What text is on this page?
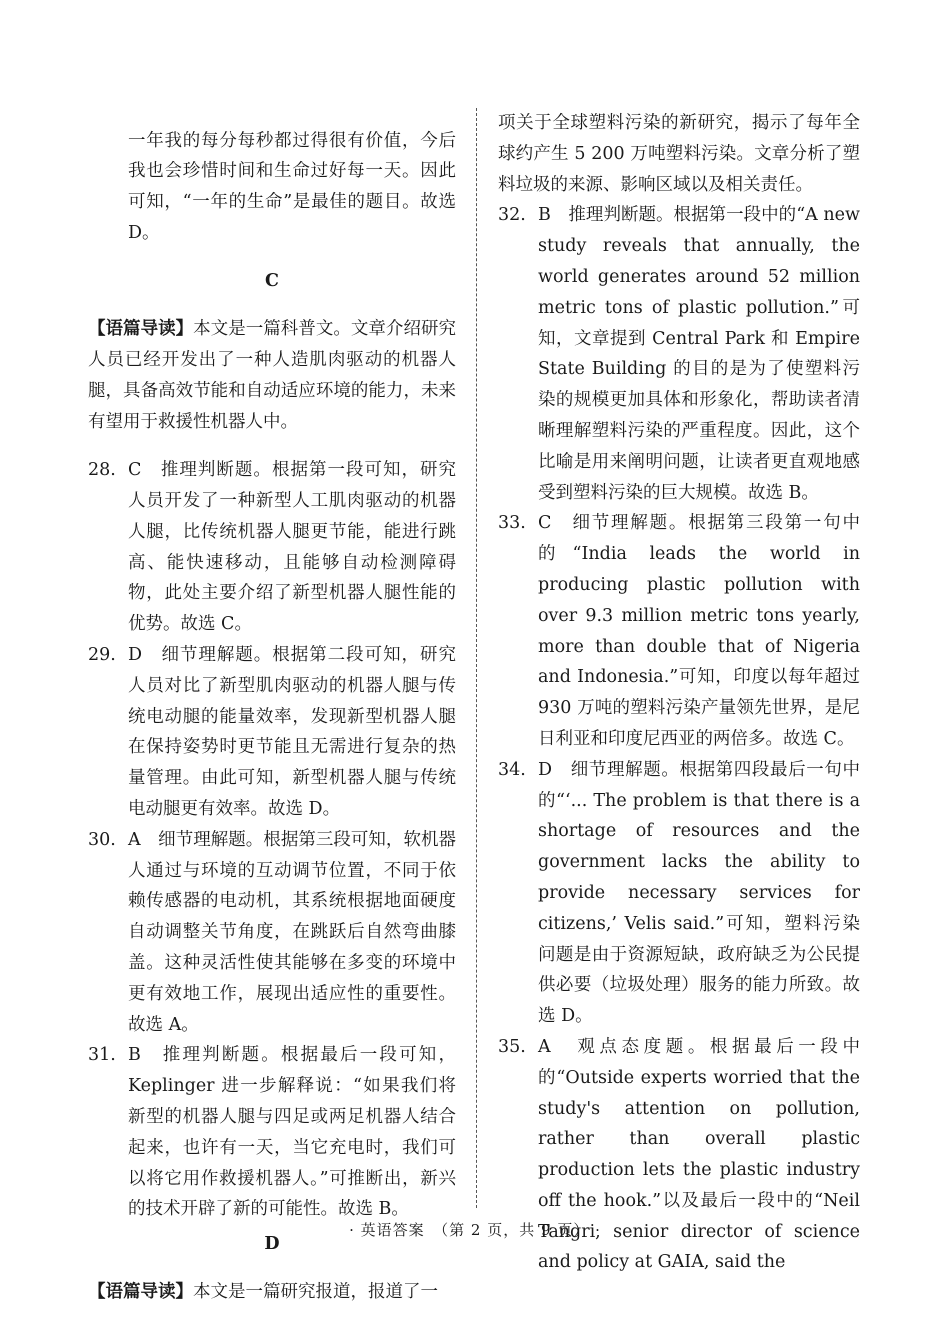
一年我的每分每秒都过得很有价值，今后我也会珍惜时间和生命过好每一天。因此可知，“一年的生命”是最佳的题目。故选 D。

C

【语篇导读】本文是一篇科普文。文章介绍研究人员已经开发出了一种人造肌肉驱动的机器人腿，具备高效节能和自动适应环境的能力，未来有望用于救援性机器人中。

28. C　推理判断题。根据第一段可知，研究人员开发了一种新型人工肌肉驱动的机器人腿，比传统机器人腿更节能，能进行跳高、能快速移动，且能够自动检测障碍物，此处主要介绍了新型机器人腿性能的优势。故选 C。

29. D　细节理解题。根据第二段可知，研究人员对比了新型肌肉驱动的机器人腿与传统电动腿的能量效率，发现新型机器人腿在保持姿势时更节能且无需进行复杂的热量管理。由此可知，新型机器人腿与传统电动腿更有效率。故选 D。

30. A　细节理解题。根据第三段可知，软机器人通过与环境的互动调节位置，不同于依赖传感器的电动机，其系统根据地面硬度自动调整关节角度，在跳跃后自然弯曲膝盖。这种灵活性使其能够在多变的环境中更有效地工作，展现出适应性的重要性。故选 A。

31. B　推理判断题。根据最后一段可知，Keplinger 进一步解释说：“如果我们将新型的机器人腿与四足或两足机器人结合起来，也许有一天，当它充电时，我们可以将它用作救援机器人。”可推断出，新兴的技术开辟了新的可能性。故选 B。

D

【语篇导读】本文是一篇研究报道，报道了一

项关于全球塑料污染的新研究，揭示了每年全球约产生 5 200 万吨塑料污染。文章分析了塑料垃圾的来源、影响区域以及相关责任。

32. B　推理判断题。根据第一段中的“A new study reveals that annually, the world generates around 52 million metric tons of plastic pollution.”可知，文章提到 Central Park 和 Empire State Building 的目的是为了使塑料污染的规模更加具体和形象化，帮助读者清晰理解塑料污染的严重程度。因此，这个比喻是用来阐明问题，让读者更直观地感受到塑料污染的巨大规模。故选 B。

33. C　细节理解题。根据第三段第一句中的“India leads the world in producing plastic pollution with over 9.3 million metric tons yearly, more than double that of Nigeria and Indonesia.”可知，印度以每年超过 930 万吨的塑料污染产量领先世界，是尼日利亚和印度尼西亚的两倍多。故选 C。

34. D　细节理解题。根据第四段最后一句中的“‘... The problem is that there is a shortage of resources and the government lacks the ability to provide necessary services for citizens,’ Velis said.”可知，塑料污染问题是由于资源短缺，政府缺乏为公民提供必要（垃圾处理）服务的能力所致。故选 D。

35. A　观点态度题。根据最后一段中的“Outside experts worried that the study's attention on pollution, rather than overall plastic production lets the plastic industry off the hook.”以及最后一段中的“Neil Tangri, senior director of science and policy at GAIA, said the

· 英语答案　（第 2 页，共 9 页） ·
